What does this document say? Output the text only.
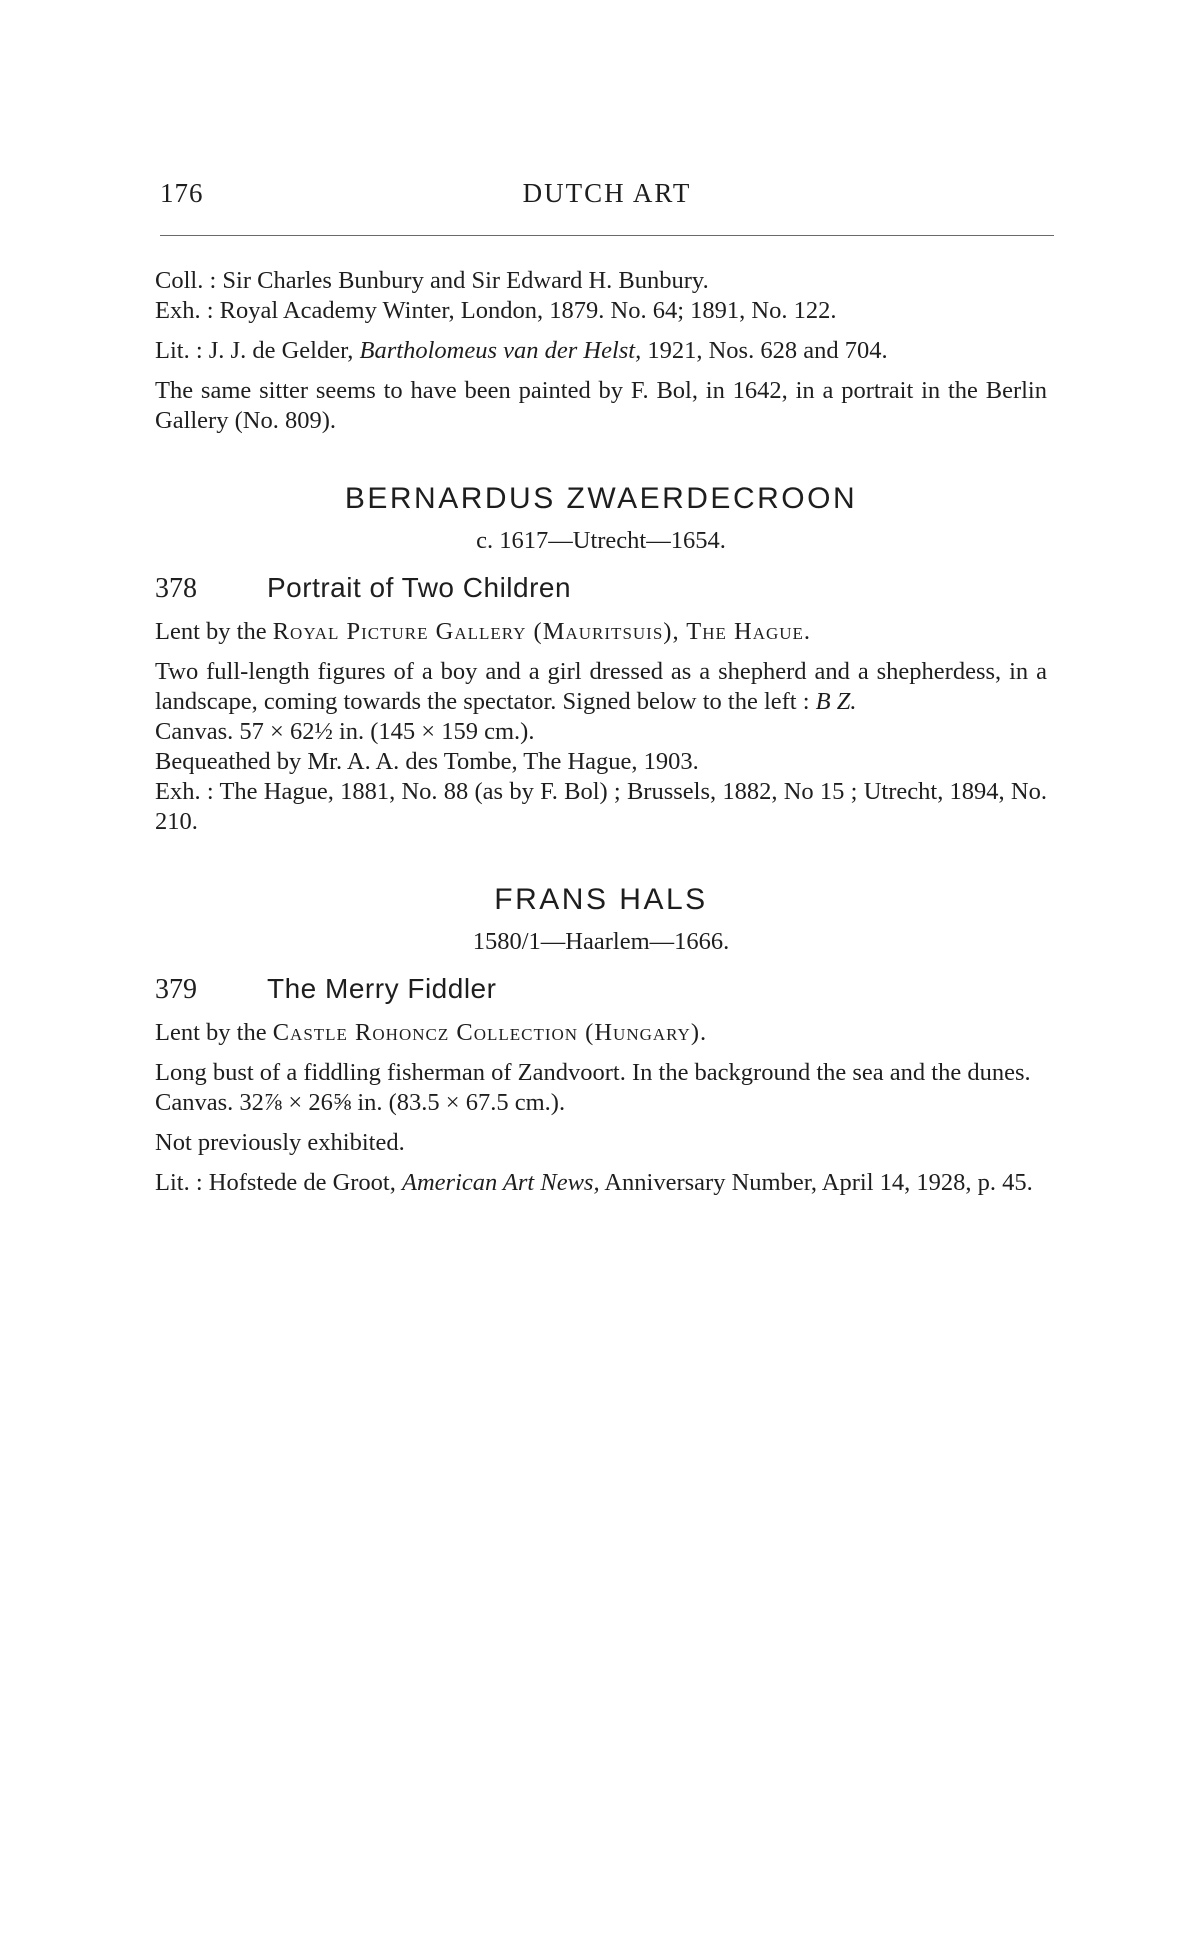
176	DUTCH ART

Coll. : Sir Charles Bunbury and Sir Edward H. Bunbury.

Exh. : Royal Academy Winter, London, 1879. No. 64; 1891, No. 122.

Lit. : J. J. de Gelder, Bartholomeus van der Helst, 1921, Nos. 628 and 704.

The same sitter seems to have been painted by F. Bol, in 1642, in a portrait in the Berlin Gallery (No. 809).

BERNARDUS ZWAERDECROON
c. 1617—Utrecht—1654.
378	Portrait of Two Children

Lent by the Royal Picture Gallery (Mauritsuis), The Hague.

Two full-length figures of a boy and a girl dressed as a shepherd and a shepherdess, in a landscape, coming towards the spectator. Signed below to the left : B Z.

Canvas. 57 × 62½ in. (145 × 159 cm.).

Bequeathed by Mr. A. A. des Tombe, The Hague, 1903.

Exh. : The Hague, 1881, No. 88 (as by F. Bol) ; Brussels, 1882, No 15 ; Utrecht, 1894, No. 210.

FRANS HALS
1580/1—Haarlem—1666.
379	The Merry Fiddler

Lent by the Castle Rohoncz Collection (Hungary).

Long bust of a fiddling fisherman of Zandvoort. In the background the sea and the dunes.

Canvas. 32⅞ × 26⅝ in. (83.5 × 67.5 cm.).

Not previously exhibited.

Lit. : Hofstede de Groot, American Art News, Anniversary Number, April 14, 1928, p. 45.
